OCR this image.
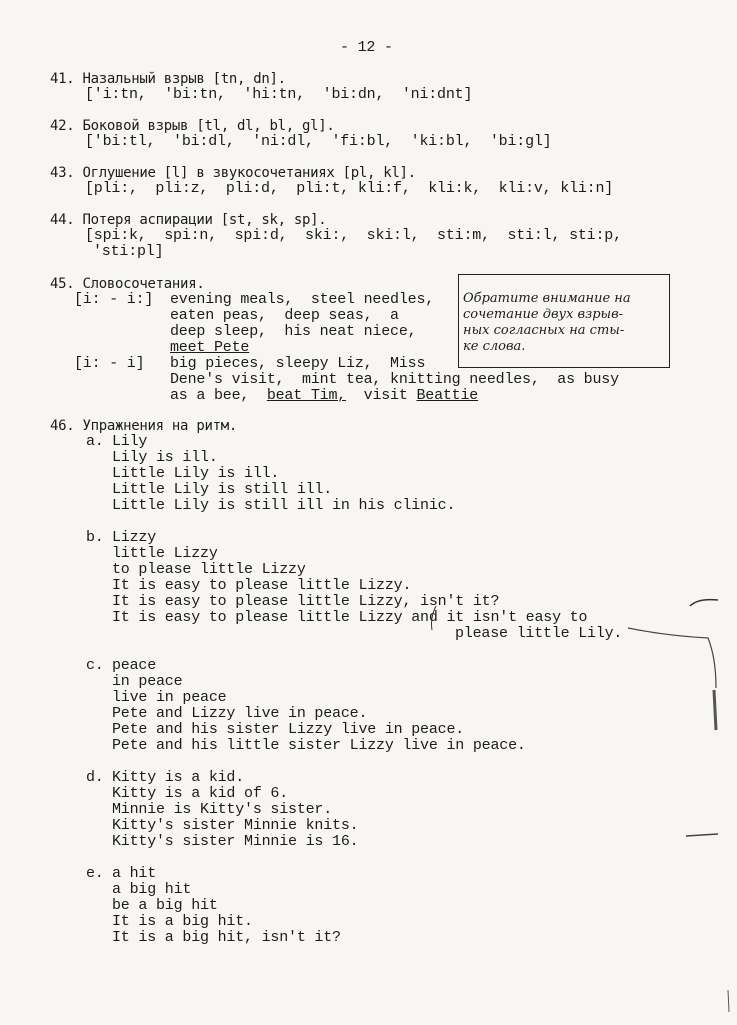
- 12 -
41. Назальный взрыв [tn, dn].
['i:tn,  'bi:tn,  'hi:tn,  'bi:dn,  'ni:dnt]
42. Боковой взрыв [tl, dl, bl, gl].
['bi:tl,  'bi:dl,  'ni:dl,  'fi:bl,  'ki:bl,  'bi:gl]
43. Оглушение [l] в звукосочетаниях [pl, kl].
[pli:,  pli:z,  pli:d,  pli:t, kli:f,  kli:k,  kli:v, kli:n]
44. Потеря аспирации [st, sk, sp].
[spi:k,  spi:n,  spi:d,  ski:,  ski:l,  sti:m,  sti:l, sti:p,
'sti:pl]
45. Словосочетания.
[i: - i:] evening meals,  steel needles,
eaten peas,  deep seas,  a
deep sleep,  his neat niece,
meet Pete
[i: - i] big pieces, sleepy Liz,  Miss
Dene's visit,  mint tea, knitting needles,  as busy
as a bee,  beat Tim,  visit Beattie
Обратите внимание на
сочетание двух взрыв-
ных согласных на сты-
ке слова.
46. Упражнения на ритм.
a. Lily
Lily is ill.
Little Lily is ill.
Little Lily is still ill.
Little Lily is still ill in his clinic.
b. Lizzy
little Lizzy
to please little Lizzy
It is easy to please little Lizzy.
It is easy to please little Lizzy, isn't it?
It is easy to please little Lizzy and it isn't easy to
please little Lily.
c. peace
in peace
live in peace
Pete and Lizzy live in peace.
Pete and his sister Lizzy live in peace.
Pete and his little sister Lizzy live in peace.
d. Kitty is a kid.
Kitty is a kid of 6.
Minnie is Kitty's sister.
Kitty's sister Minnie knits.
Kitty's sister Minnie is 16.
e. a hit
a big hit
be a big hit
It is a big hit.
It is a big hit, isn't it?
